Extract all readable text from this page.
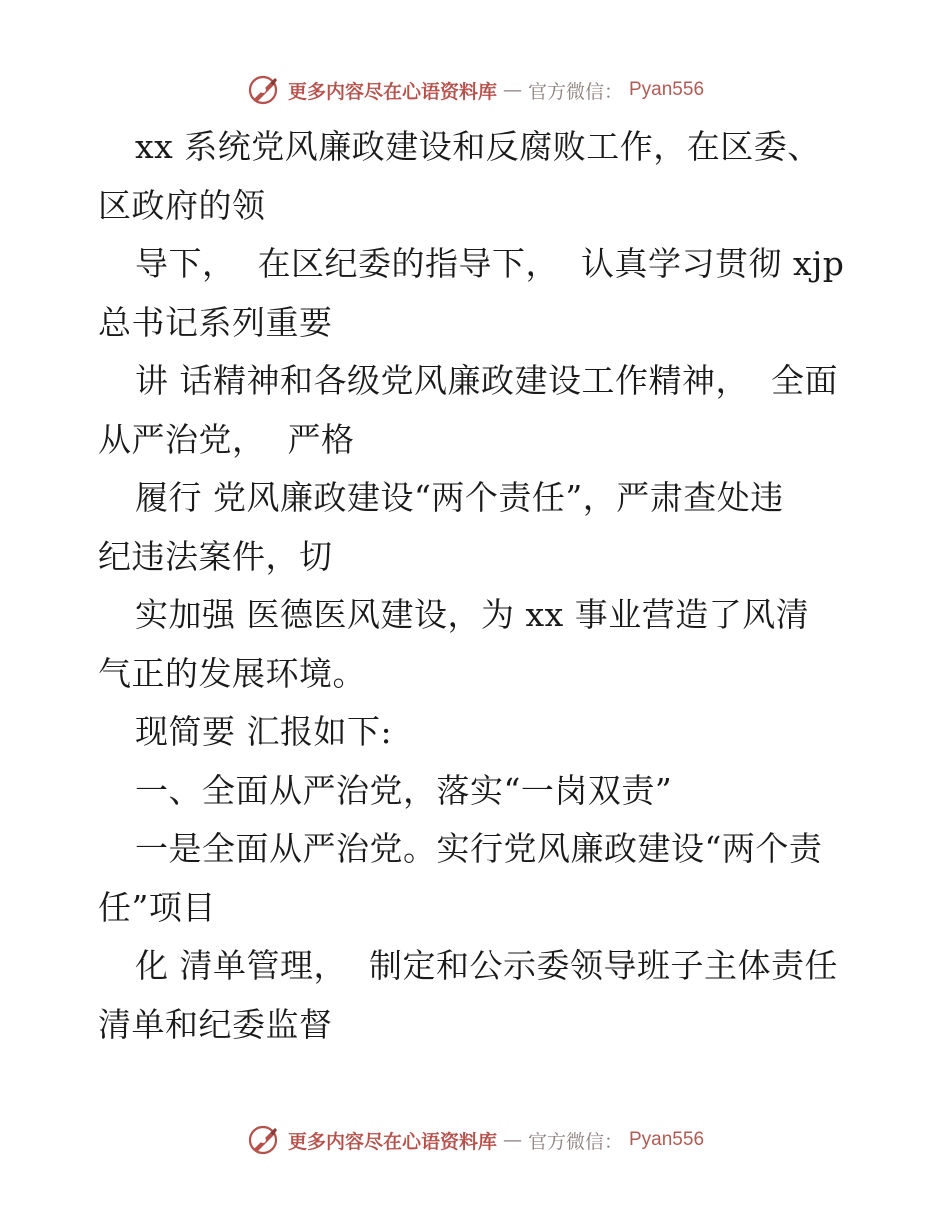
更多内容尽在心语资料库 — 官方微信： Pyan556
xx 系统党风廉政建设和反腐败工作，在区委、
区政府的领
导下，  在区纪委的指导下，  认真学习贯彻 xjp
总书记系列重要
讲 话精神和各级党风廉政建设工作精神，  全面
从严治党，  严格
履行 党风廉政建设“两个责任”，严肃查处违
纪违法案件，切
实加强 医德医风建设，为 xx 事业营造了风清
气正的发展环境。
现简要 汇报如下:
一、全面从严治党，落实“一岗双责”
一是全面从严治党。实行党风廉政建设“两个责
任”项目
化 清单管理，  制定和公示委领导班子主体责任
清单和纪委监督
更多内容尽在心语资料库 — 官方微信： Pyan556
